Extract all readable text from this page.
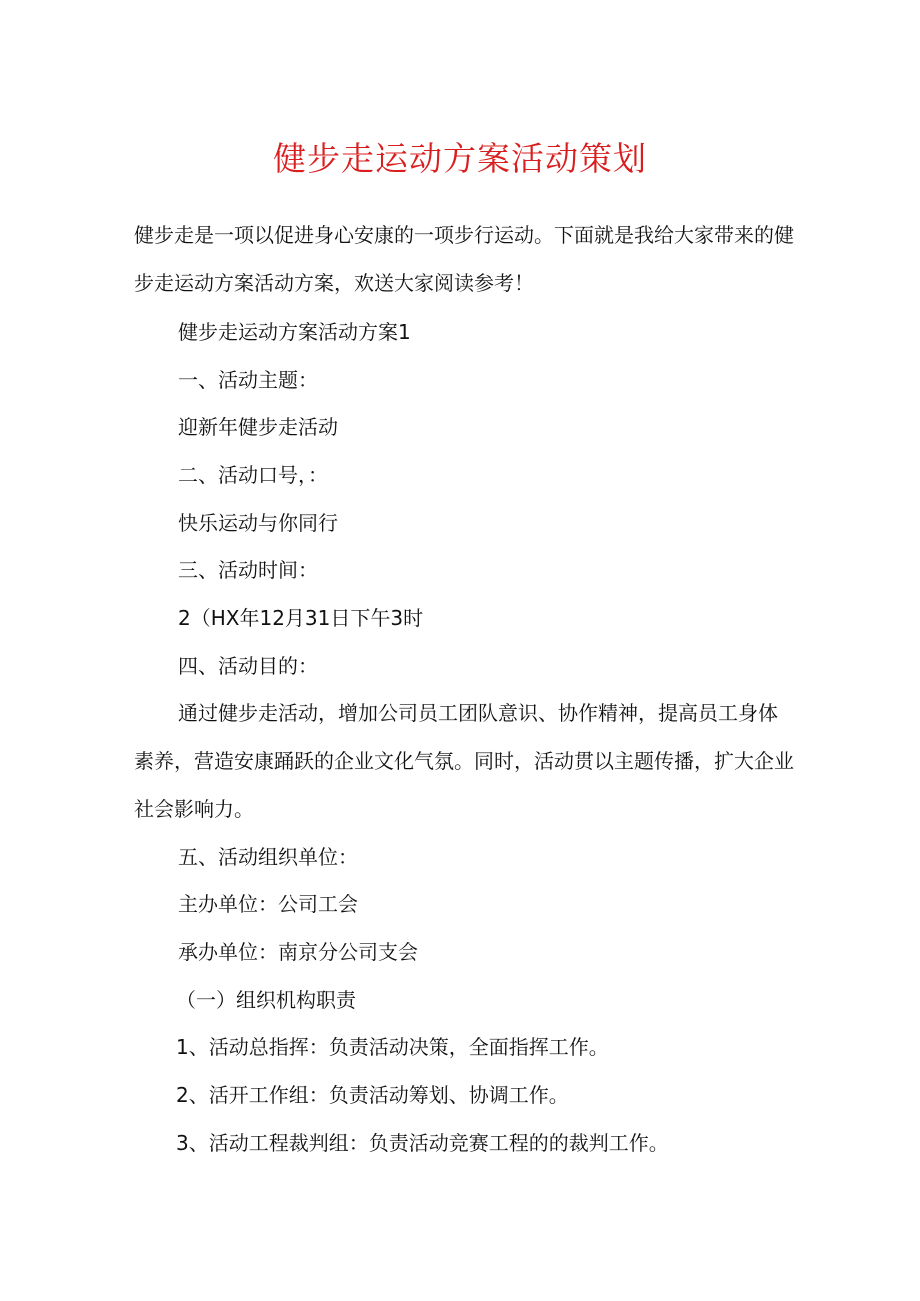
健步走运动方案活动策划

健步走是一项以促进身心安康的一项步行运动。下面就是我给大家带来的健步走运动方案活动方案，欢送大家阅读参考！

健步走运动方案活动方案1
一、活动主题：
迎新年健步走活动
二、活动口号，：
快乐运动与你同行
三、活动时间：
2（HX年12月31日下午3时
四、活动目的：

通过健步走活动，增加公司员工团队意识、协作精神，提高员工身体素养，营造安康踊跃的企业文化气氛。同时，活动贯以主题传播，扩大企业社会影响力。

五、活动组织单位：
主办单位：公司工会
承办单位：南京分公司支会
（一）组织机构职责
1、活动总指挥：负责活动决策，全面指挥工作。
2、活开工作组：负责活动筹划、协调工作。
3、活动工程裁判组：负责活动竞赛工程的的裁判工作。
